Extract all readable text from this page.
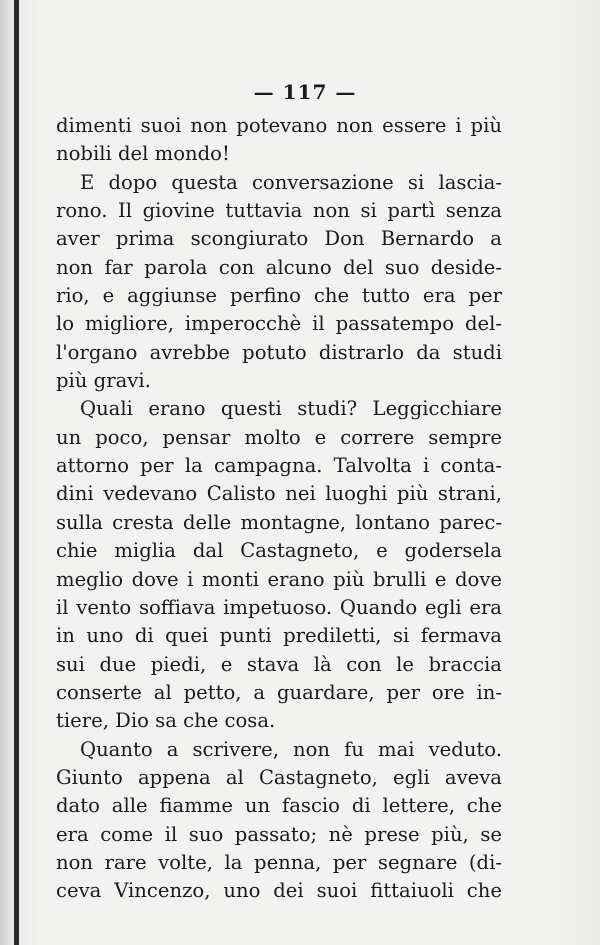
— 117 —
dimenti suoi non potevano non essere i più
nobili del mondo!
E dopo questa conversazione si lascia-
rono. Il giovine tuttavia non si partì senza
aver prima scongiurato Don Bernardo a
non far parola con alcuno del suo deside-
rio, e aggiunse perfino che tutto era per
lo migliore, imperocchè il passatempo del-
l'organo avrebbe potuto distrarlo da studi
più gravi.
Quali erano questi studi? Leggicchiare
un poco, pensar molto e correre sempre
attorno per la campagna. Talvolta i conta-
dini vedevano Calisto nei luoghi più strani,
sulla cresta delle montagne, lontano parec-
chie miglia dal Castagneto, e godersela
meglio dove i monti erano più brulli e dove
il vento soffiava impetuoso. Quando egli era
in uno di quei punti prediletti, si fermava
sui due piedi, e stava là con le braccia
conserte al petto, a guardare, per ore in-
tiere, Dio sa che cosa.
Quanto a scrivere, non fu mai veduto.
Giunto appena al Castagneto, egli aveva
dato alle fiamme un fascio di lettere, che
era come il suo passato; nè prese più, se
non rare volte, la penna, per segnare (di-
ceva Vincenzo, uno dei suoi fittaiuoli che
